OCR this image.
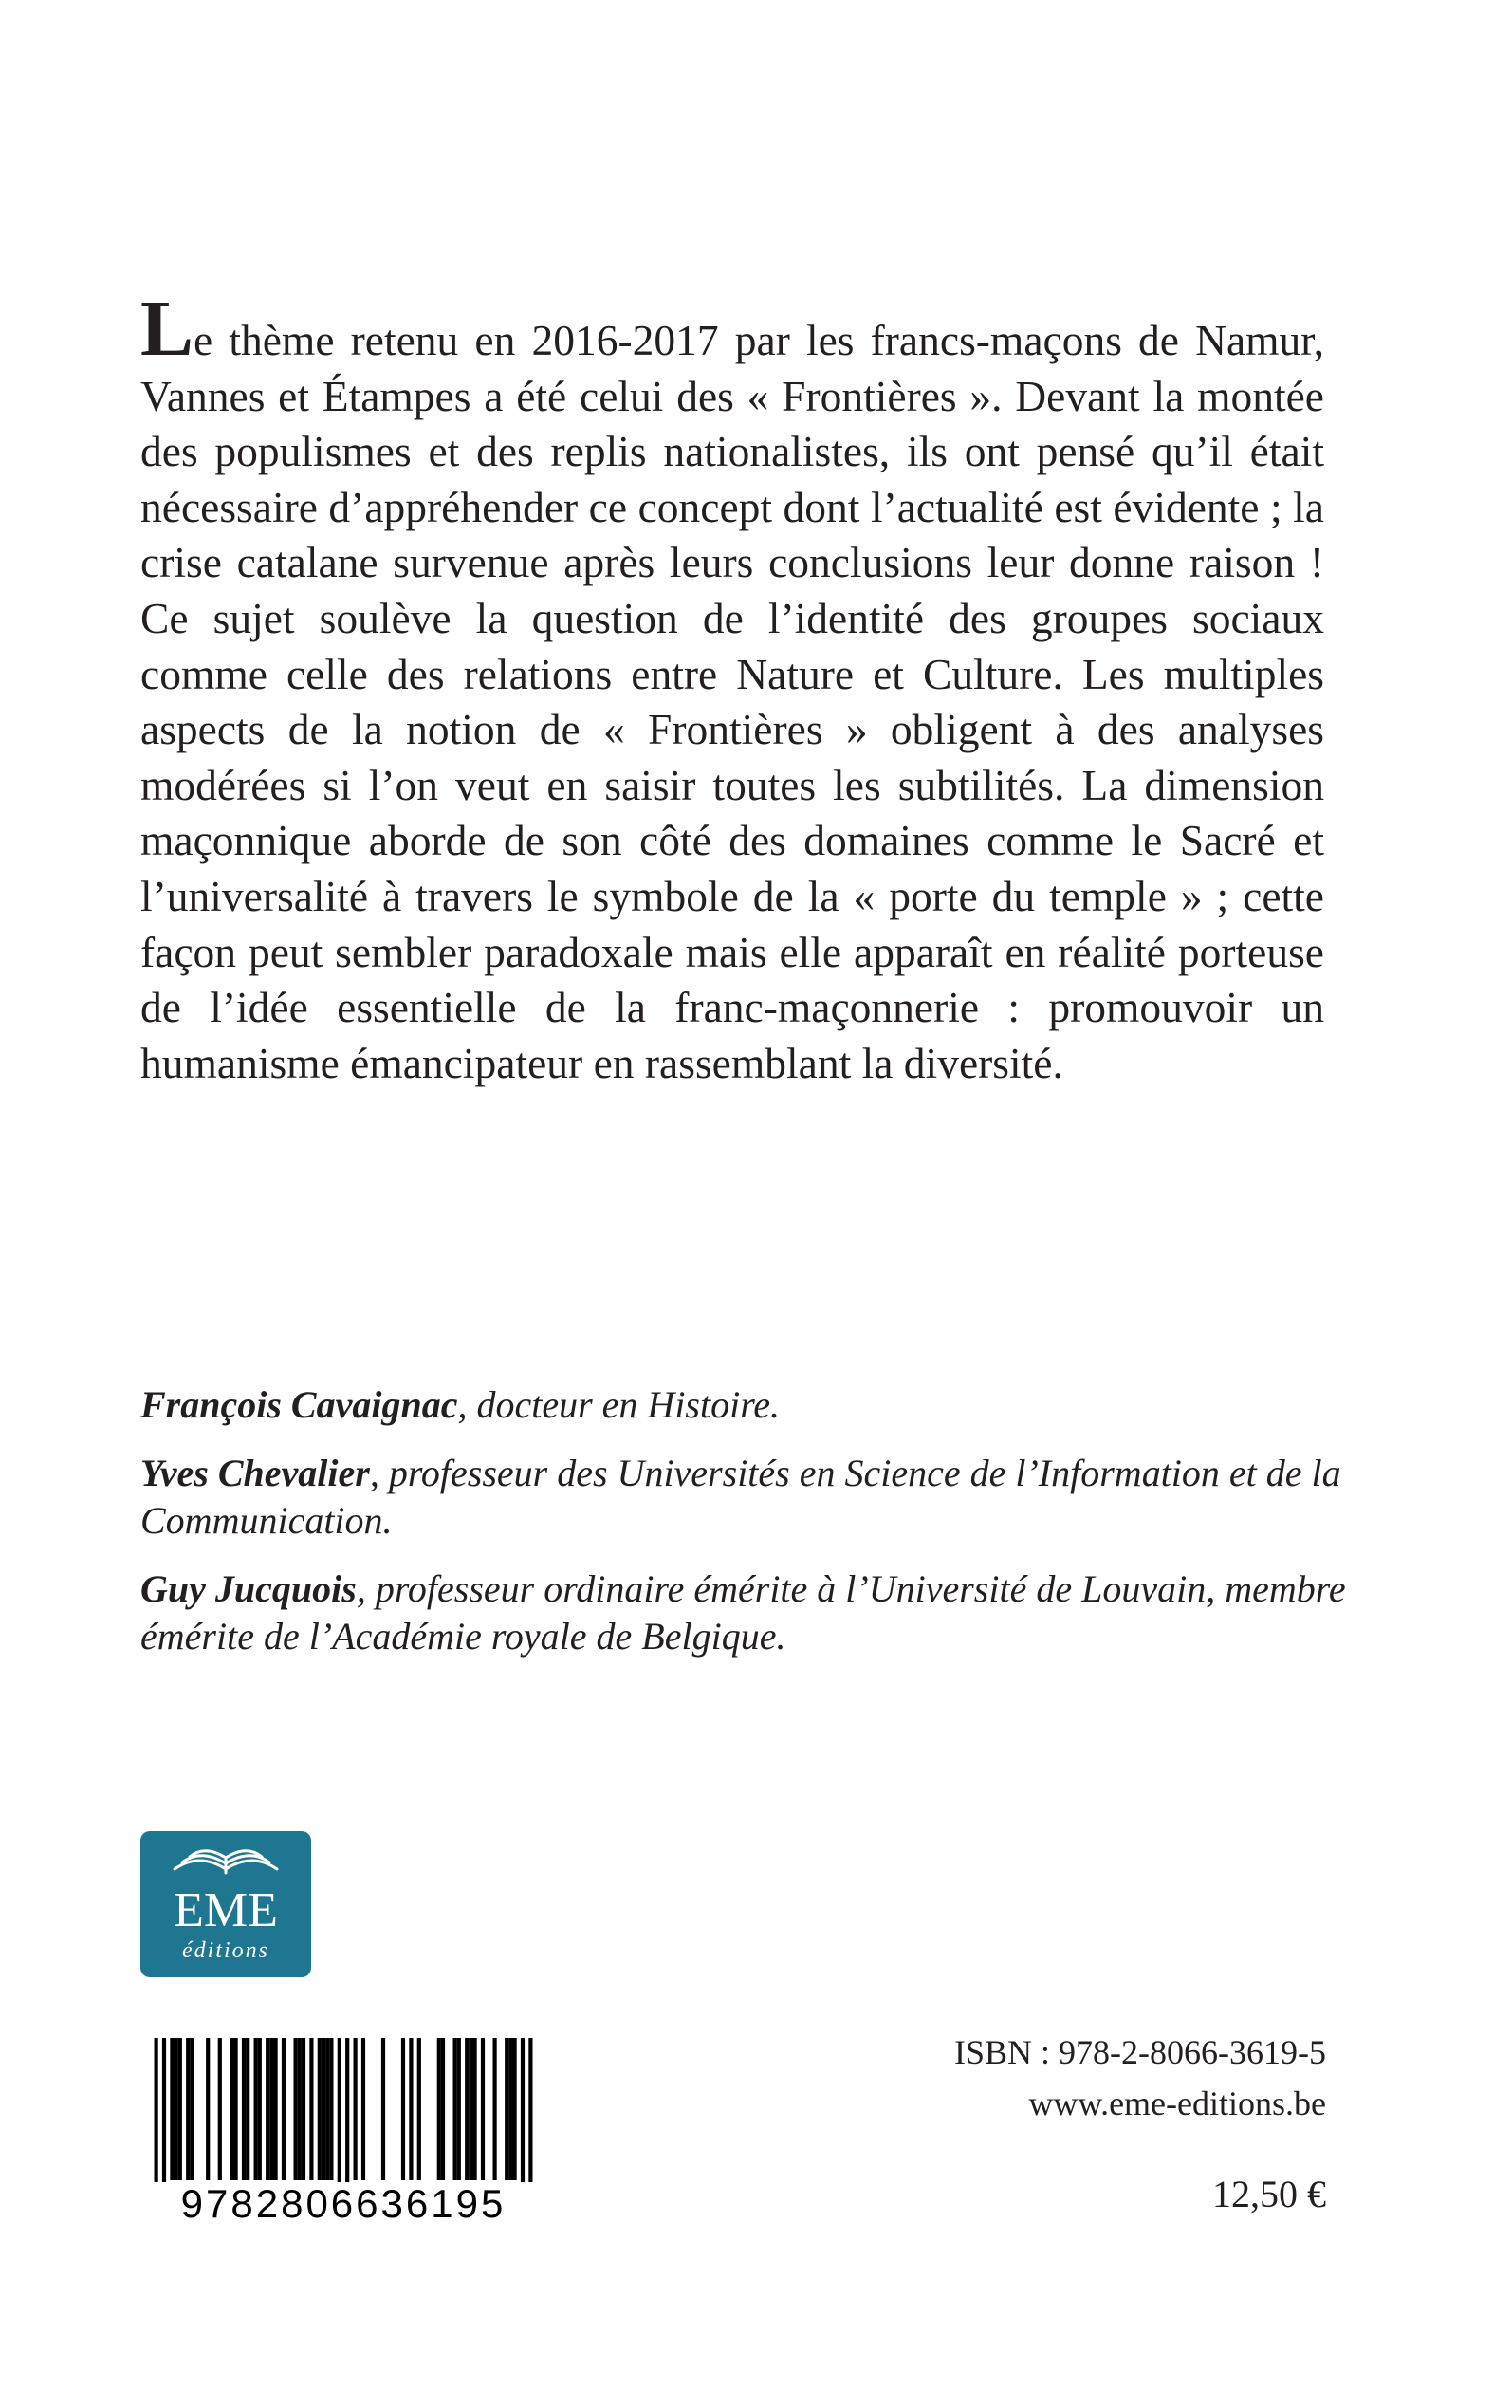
Le thème retenu en 2016-2017 par les francs-maçons de Namur, Vannes et Étampes a été celui des « Frontières ». Devant la montée des populismes et des replis nationalistes, ils ont pensé qu’il était nécessaire d’appréhender ce concept dont l’actualité est évidente ; la crise catalane survenue après leurs conclusions leur donne raison ! Ce sujet soulève la question de l’identité des groupes sociaux comme celle des relations entre Nature et Culture. Les multiples aspects de la notion de « Frontières » obligent à des analyses modérées si l’on veut en saisir toutes les subtilités. La dimension maçonnique aborde de son côté des domaines comme le Sacré et l’universalité à travers le symbole de la « porte du temple » ; cette façon peut sembler paradoxale mais elle apparaît en réalité porteuse de l’idée essentielle de la franc-maçonnerie : promouvoir un humanisme émancipateur en rassemblant la diversité.

François Cavaignac, docteur en Histoire.

Yves Chevalier, professeur des Universités en Science de l’Information et de la Communication.

Guy Jucquois, professeur ordinaire émérite à l’Université de Louvain, membre émérite de l’Académie royale de Belgique.

EME
éditions
9782806636195
ISBN : 978-2-8066-3619-5
www.eme-editions.be
12,50 €
